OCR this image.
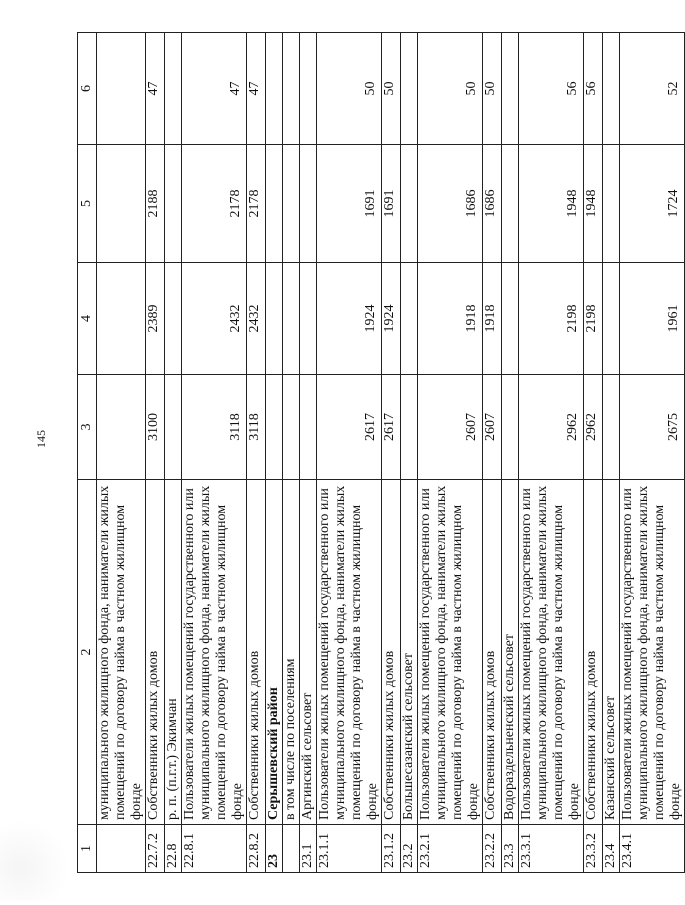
145
1	2	3	4	5	6
	муниципального жилищного фонда, наниматели жилых помещений по договору найма в частном жилищном фонде				
22.7.2	Собственники жилых домов	3100	2389	2188	47
22.8	р. п. (п.г.т.) Экимчан				
22.8.1	Пользователи жилых помещений государственного или муниципального жилищного фонда, наниматели жилых помещений по договору найма в частном жилищном фонде	3118	2432	2178	47
22.8.2	Собственники жилых домов	3118	2432	2178	47
23	Серышевский район				
	в том числе по поселениям				
23.1	Аргинский сельсовет				
23.1.1	Пользователи жилых помещений государственного или муниципального жилищного фонда, наниматели жилых помещений по договору найма в частном жилищном фонде	2617	1924	1691	50
23.1.2	Собственники жилых домов	2617	1924	1691	50
23.2	Большесазанский сельсовет				
23.2.1	Пользователи жилых помещений государственного или муниципального жилищного фонда, наниматели жилых помещений по договору найма в частном жилищном фонде	2607	1918	1686	50
23.2.2	Собственники жилых домов	2607	1918	1686	50
23.3	Водораздельненский сельсовет				
23.3.1	Пользователи жилых помещений государственного или муниципального жилищного фонда, наниматели жилых помещений по договору найма в частном жилищном фонде	2962	2198	1948	56
23.3.2	Собственники жилых домов	2962	2198	1948	56
23.4	Казанский сельсовет				
23.4.1	Пользователи жилых помещений государственного или муниципального жилищного фонда, наниматели жилых помещений по договору найма в частном жилищном фонде	2675	1961	1724	52
